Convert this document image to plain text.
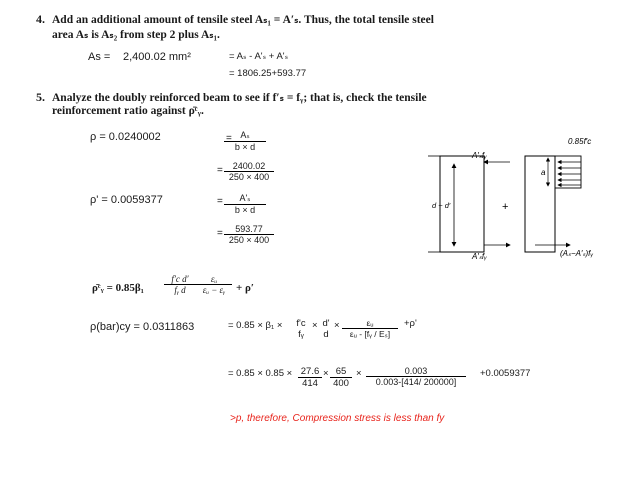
4. Add an additional amount of tensile steel Aₛ₁ = A′ₛ. Thus, the total tensile steel
area Aₛ is Aₛ₂ from step 2 plus Aₛ₁.
As = 2,400.02 mm²	= Aₛ - A'ₛ + A'ₛ
= 1806.25+593.77
5. Analyze the doubly reinforced beam to see if f′ₛ = fᵧ; that is, check the tensile
reinforcement ratio against ρ̄ᶜᵧ.
ρ = 0.0240002	=
$\frac{\text{Aₛ}}{b \times d}$
= $\frac{2400.02}{250 \times 400}$
ρ' = 0.0059377	= $\frac{\text{A'ₛ}}{b \times d}$
= $\frac{593.77}{250 \times 400}$
A′ₛfᵧ
d − d′
A′ₛfᵧ
+
a
0.85f′c
(Aₛ−A′ₛ)fᵧ
ρ̄ᶜᵧ = $0.85\beta_1 \frac{\text{f′c d′}}{\text{fᵧ d}} \frac{\text{εᵤ}}{\text{εᵤ − εᵧ}} + \rho'$
ρ(bar)cy = 0.0311863	= 0.85 × β₁ ×	f'c
fᵧ
× d'
d
× $\frac{\text{εᵤ}}{\text{εᵤ - [fᵧ / Eₛ]}} +\rho'$
= $0.85 \times 0.85 \times \frac{27.6}{414} \times \frac{65}{400} \times \frac{0.003}{0.003-[414/ 200000]} +0.0059377$
>p, therefore, Compression stress is less than fy
